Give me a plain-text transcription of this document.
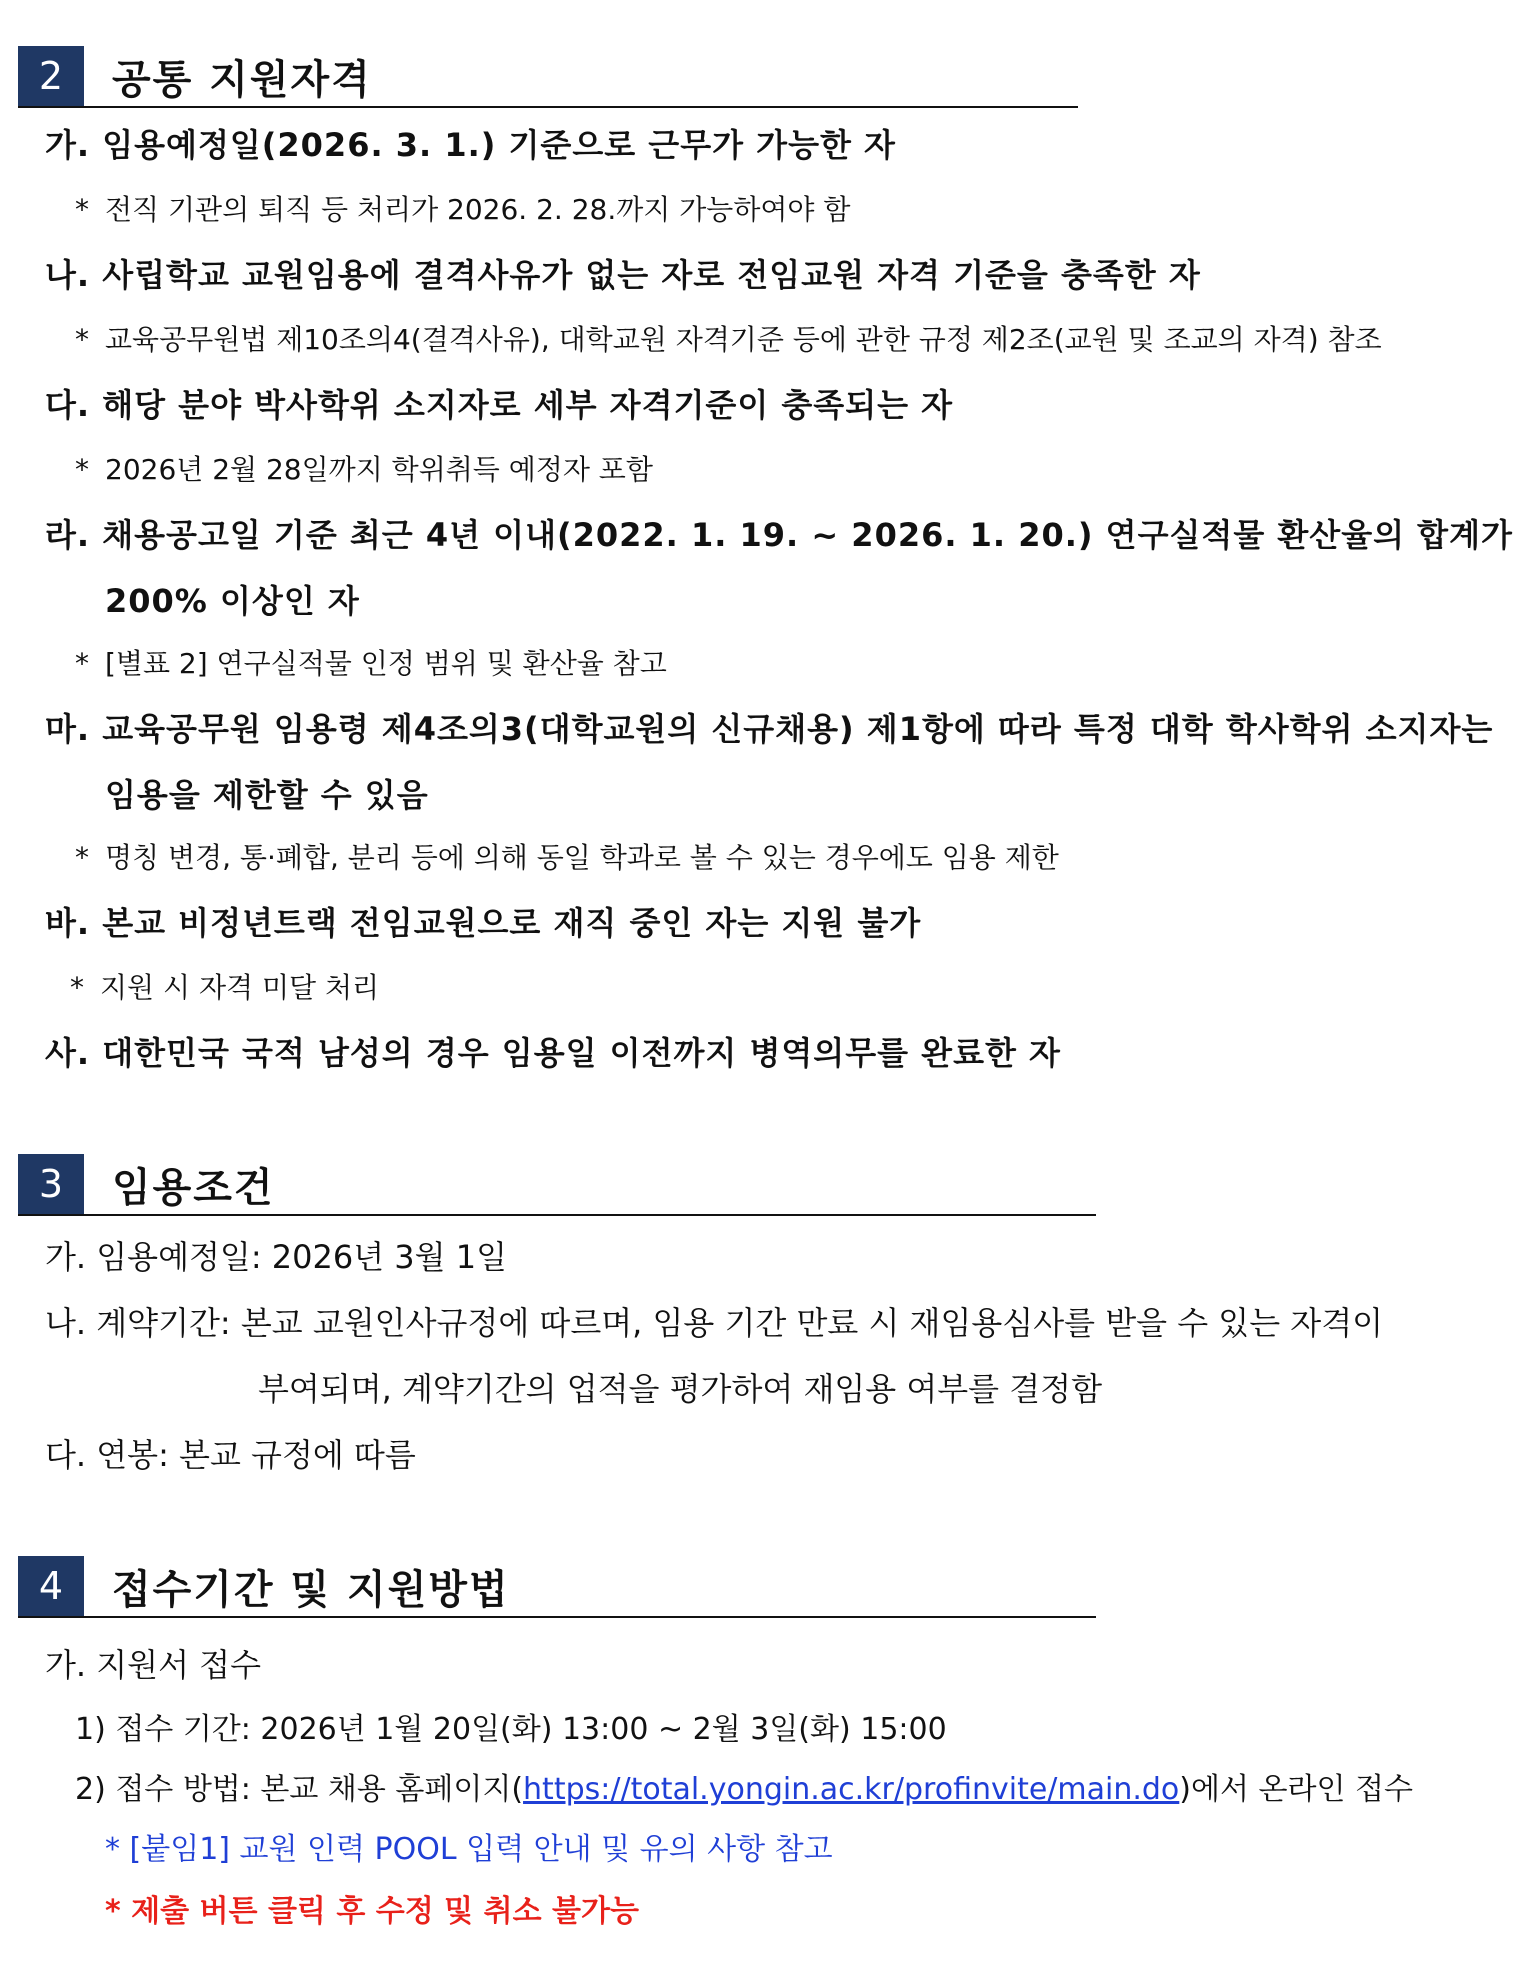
2	공통 지원자격
가. 임용예정일(2026. 3. 1.) 기준으로 근무가 가능한 자
* 전직 기관의 퇴직 등 처리가 2026. 2. 28.까지 가능하여야 함
나. 사립학교 교원임용에 결격사유가 없는 자로 전임교원 자격 기준을 충족한 자
* 교육공무원법 제10조의4(결격사유), 대학교원 자격기준 등에 관한 규정 제2조(교원 및 조교의 자격) 참조
다. 해당 분야 박사학위 소지자로 세부 자격기준이 충족되는 자
* 2026년 2월 28일까지 학위취득 예정자 포함
라. 채용공고일 기준 최근 4년 이내(2022. 1. 19. ~ 2026. 1. 20.) 연구실적물 환산율의 합계가
200% 이상인 자
* [별표 2] 연구실적물 인정 범위 및 환산율 참고
마. 교육공무원 임용령 제4조의3(대학교원의 신규채용) 제1항에 따라 특정 대학 학사학위 소지자는
임용을 제한할 수 있음
* 명칭 변경, 통·폐합, 분리 등에 의해 동일 학과로 볼 수 있는 경우에도 임용 제한
바. 본교 비정년트랙 전임교원으로 재직 중인 자는 지원 불가
* 지원 시 자격 미달 처리
사. 대한민국 국적 남성의 경우 임용일 이전까지 병역의무를 완료한 자
3	임용조건
가. 임용예정일: 2026년 3월 1일
나. 계약기간: 본교 교원인사규정에 따르며, 임용 기간 만료 시 재임용심사를 받을 수 있는 자격이
부여되며, 계약기간의 업적을 평가하여 재임용 여부를 결정함
다. 연봉: 본교 규정에 따름
4	접수기간 및 지원방법
가. 지원서 접수
1) 접수 기간: 2026년 1월 20일(화) 13:00 ~ 2월 3일(화) 15:00
2) 접수 방법: 본교 채용 홈페이지(https://total.yongin.ac.kr/profinvite/main.do)에서 온라인 접수
* [붙임1] 교원 인력 POOL 입력 안내 및 유의 사항 참고
* 제출 버튼 클릭 후 수정 및 취소 불가능
